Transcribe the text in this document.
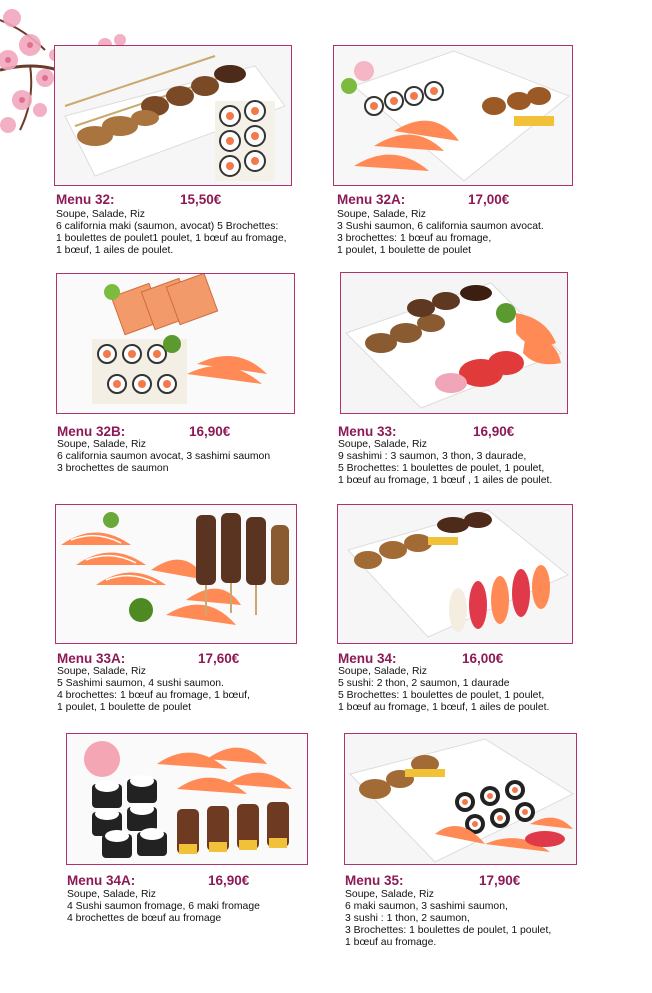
Menu 32:	15,50€
Soupe, Salade, Riz
6 california maki (saumon, avocat) 5 Brochettes:
1 boulettes de poulet1 poulet, 1 bœuf au fromage,
1 bœuf, 1 ailes de poulet.
Menu 32A:	17,00€
Soupe, Salade, Riz
3 Sushi saumon, 6 california saumon avocat.
3 brochettes: 1 bœuf au fromage,
1 poulet, 1 boulette de poulet
Menu 32B:	16,90€
Soupe, Salade, Riz
6 california saumon avocat, 3 sashimi saumon
3 brochettes de saumon
Menu 33:	16,90€
Soupe, Salade, Riz
9 sashimi : 3 saumon, 3 thon, 3 daurade,
5 Brochettes: 1 boulettes de poulet, 1 poulet,
1 bœuf au fromage, 1 bœuf , 1 ailes de poulet.
Menu 33A:	17,60€
Soupe, Salade, Riz
5 Sashimi saumon, 4 sushi saumon.
4 brochettes: 1 bœuf au fromage, 1 bœuf,
1 poulet, 1 boulette de poulet
Menu 34:	16,00€
Soupe, Salade, Riz
5 sushi: 2 thon, 2 saumon, 1 daurade
5 Brochettes: 1 boulettes de poulet, 1 poulet,
1 bœuf au fromage, 1 bœuf, 1 ailes de poulet.
Menu 34A:	16,90€
Soupe, Salade, Riz
4 Sushi saumon fromage, 6 maki fromage
4 brochettes de bœuf au fromage
Menu 35:	17,90€
Soupe, Salade, Riz
6 maki saumon, 3 sashimi saumon,
3 sushi : 1 thon, 2 saumon,
3 Brochettes: 1 boulettes de poulet, 1 poulet,
1 bœuf au fromage.
